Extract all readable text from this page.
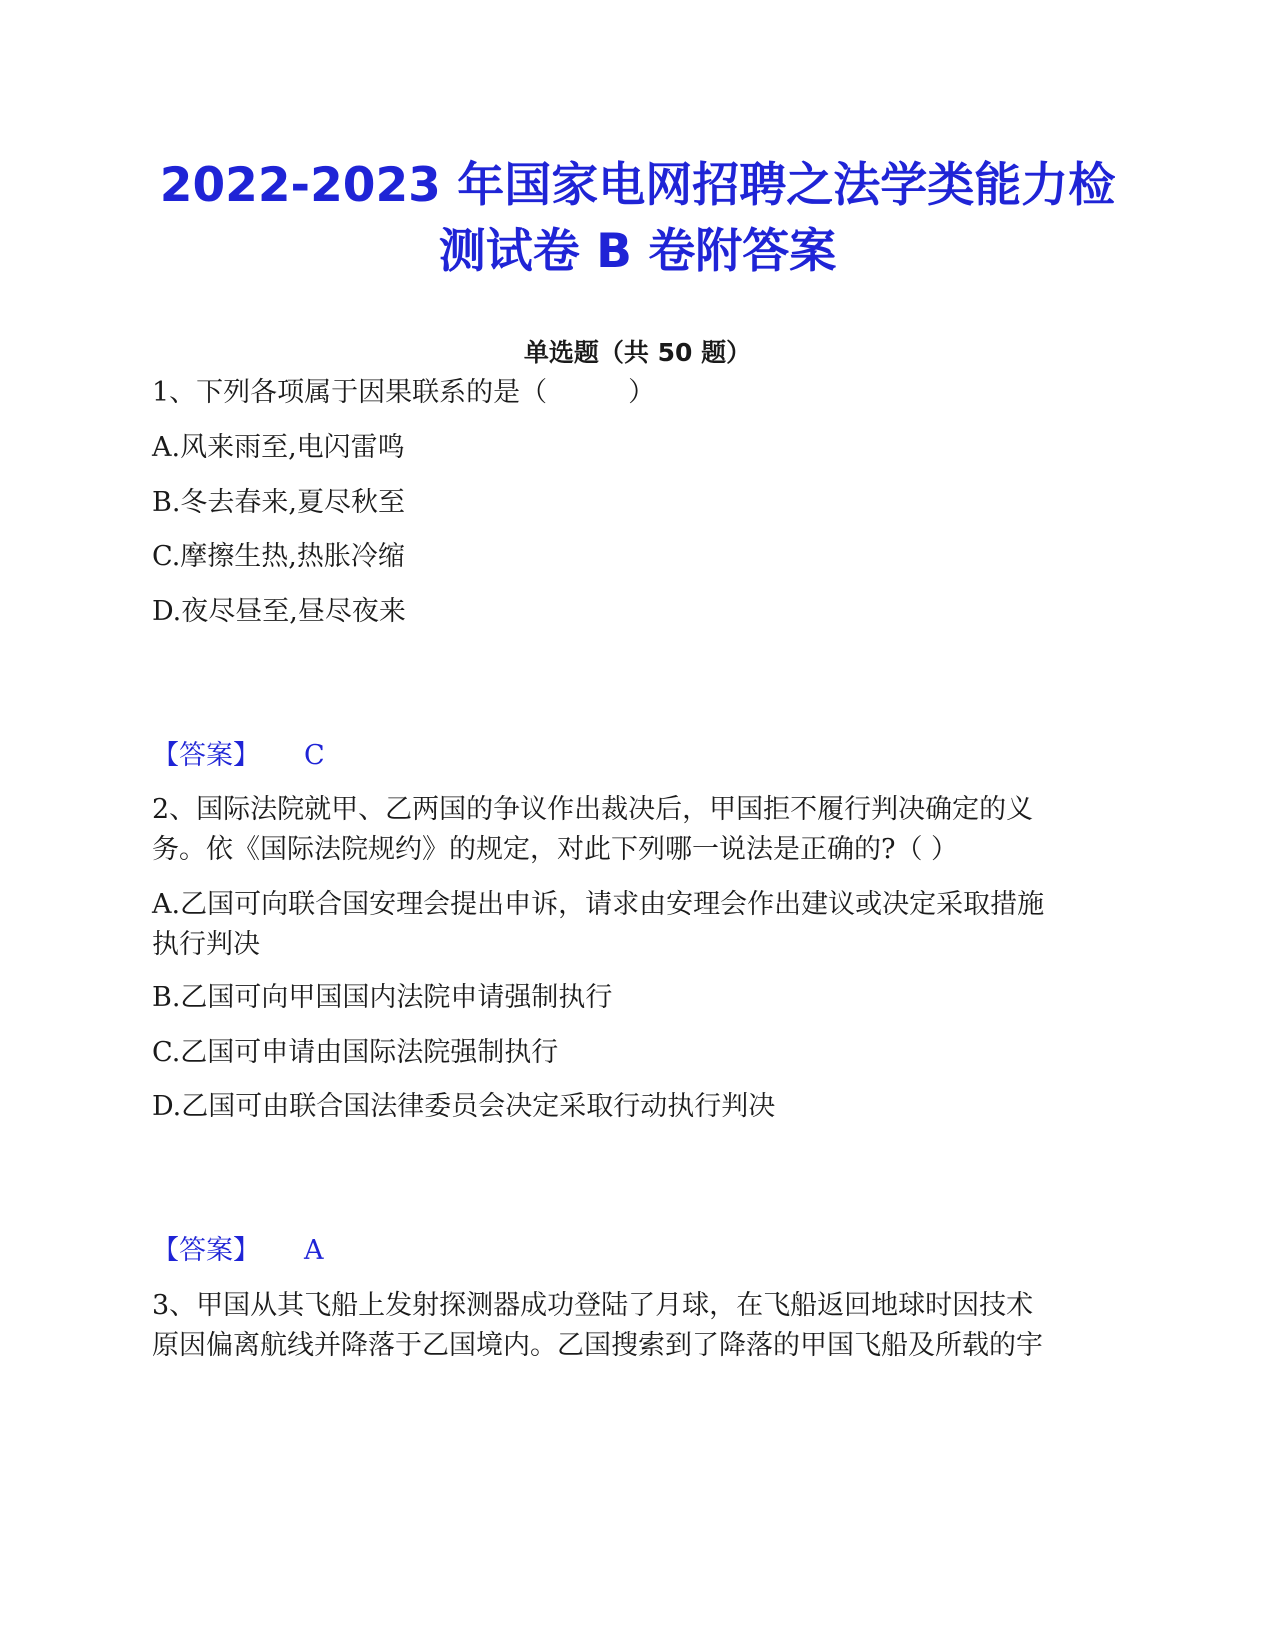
2022-2023 年国家电网招聘之法学类能力检
测试卷 B 卷附答案
单选题（共 50 题）
1、下列各项属于因果联系的是（　　　）
A.风来雨至,电闪雷鸣
B.冬去春来,夏尽秋至
C.摩擦生热,热胀冷缩
D.夜尽昼至,昼尽夜来
【答案】 C
2、国际法院就甲、乙两国的争议作出裁决后，甲国拒不履行判决确定的义
务。依《国际法院规约》的规定，对此下列哪一说法是正确的?（ ）
A.乙国可向联合国安理会提出申诉，请求由安理会作出建议或决定采取措施
执行判决
B.乙国可向甲国国内法院申请强制执行
C.乙国可申请由国际法院强制执行
D.乙国可由联合国法律委员会决定采取行动执行判决
【答案】 A
3、甲国从其飞船上发射探测器成功登陆了月球，在飞船返回地球时因技术
原因偏离航线并降落于乙国境内。乙国搜索到了降落的甲国飞船及所载的宇
